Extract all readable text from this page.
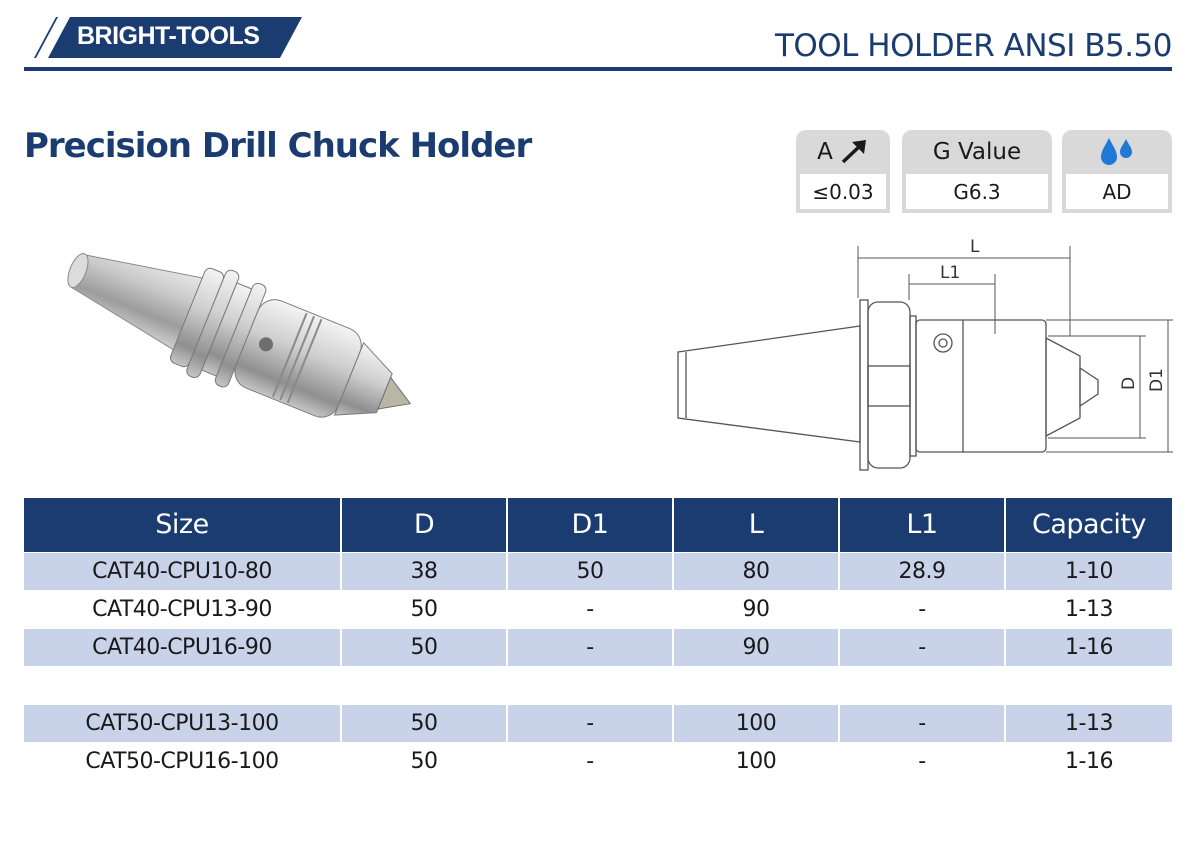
BRIGHT-TOOLS	TOOL HOLDER ANSI B5.50
Precision Drill Chuck Holder	A
≤0.03
G Value
G6.3	AD
L
L1
D D1
Size	D	D1	L	L1	Capacity
CAT40-CPU10-80	38	50	80	28.9	1-10
CAT40-CPU13-90	50	-	90	-	1-13
CAT40-CPU16-90	50	-	90	-	1-16

CAT50-CPU13-100	50	-	100	-	1-13
CAT50-CPU16-100	50	-	100	-	1-16
